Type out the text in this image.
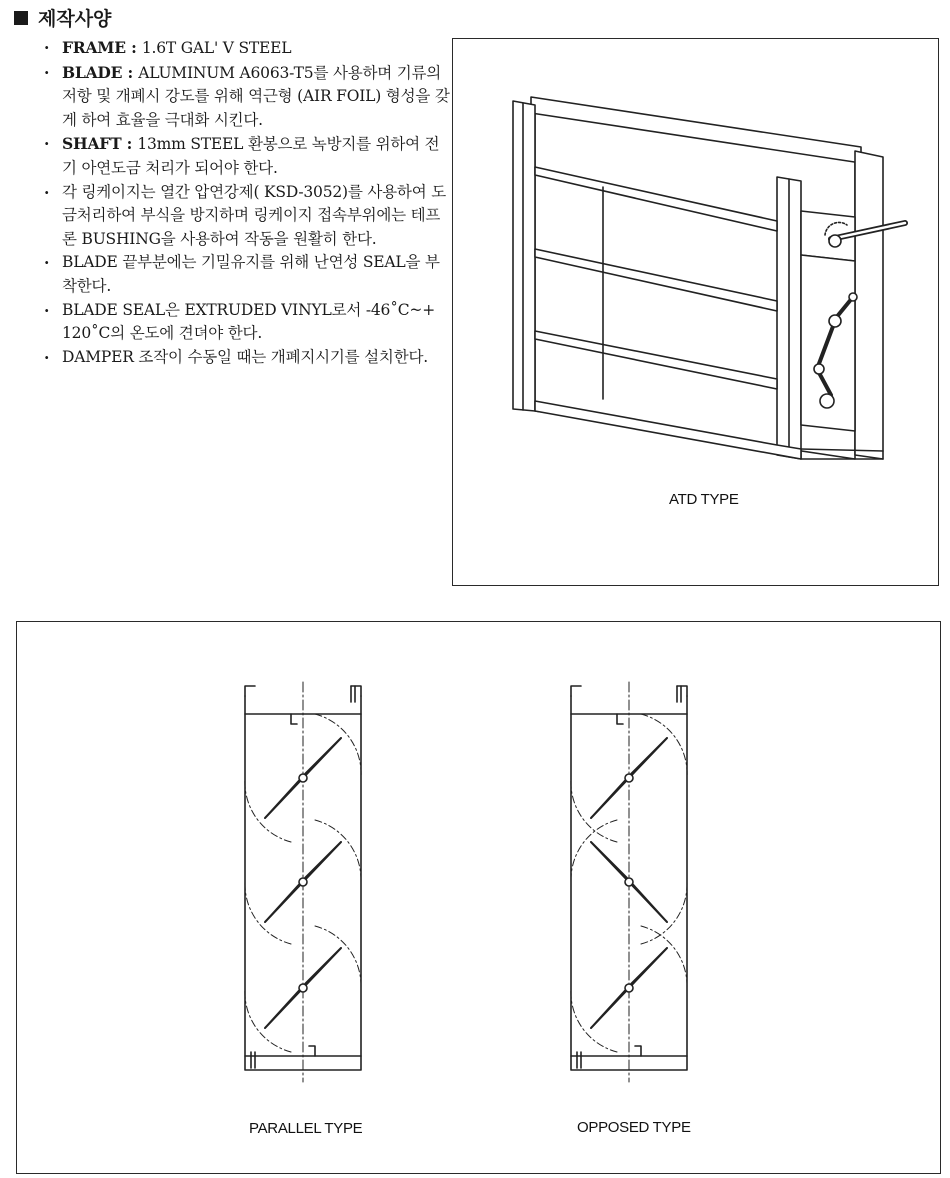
제작사양
· FRAME : 1.6T GAL' V STEEL
· BLADE : ALUMINUM A6063-T5를 사용하며 기류의 저항 및 개폐시 강도를 위해 역근형 (AIR FOIL) 형성을 갖게 하여 효율을 극대화 시킨다.
· SHAFT : 13mm STEEL 환봉으로 녹방지를 위하여 전기 아연도금 처리가 되어야 한다.
· 각 링케이지는 열간 압연강제( KSD-3052)를 사용하여 도금처리하여 부식을 방지하며 링케이지 접속부위에는 테프론 BUSHING을 사용하여 작동을 원활히 한다.
· BLADE 끝부분에는 기밀유지를 위해 난연성 SEAL을 부착한다.
· BLADE SEAL은 EXTRUDED VINYL로서 -46˚C~+ 120˚C의 온도에 견뎌야 한다.
· DAMPER 조작이 수동일 때는 개폐지시기를 설치한다.
ATD TYPE
PARALLEL TYPE	OPPOSED TYPE
